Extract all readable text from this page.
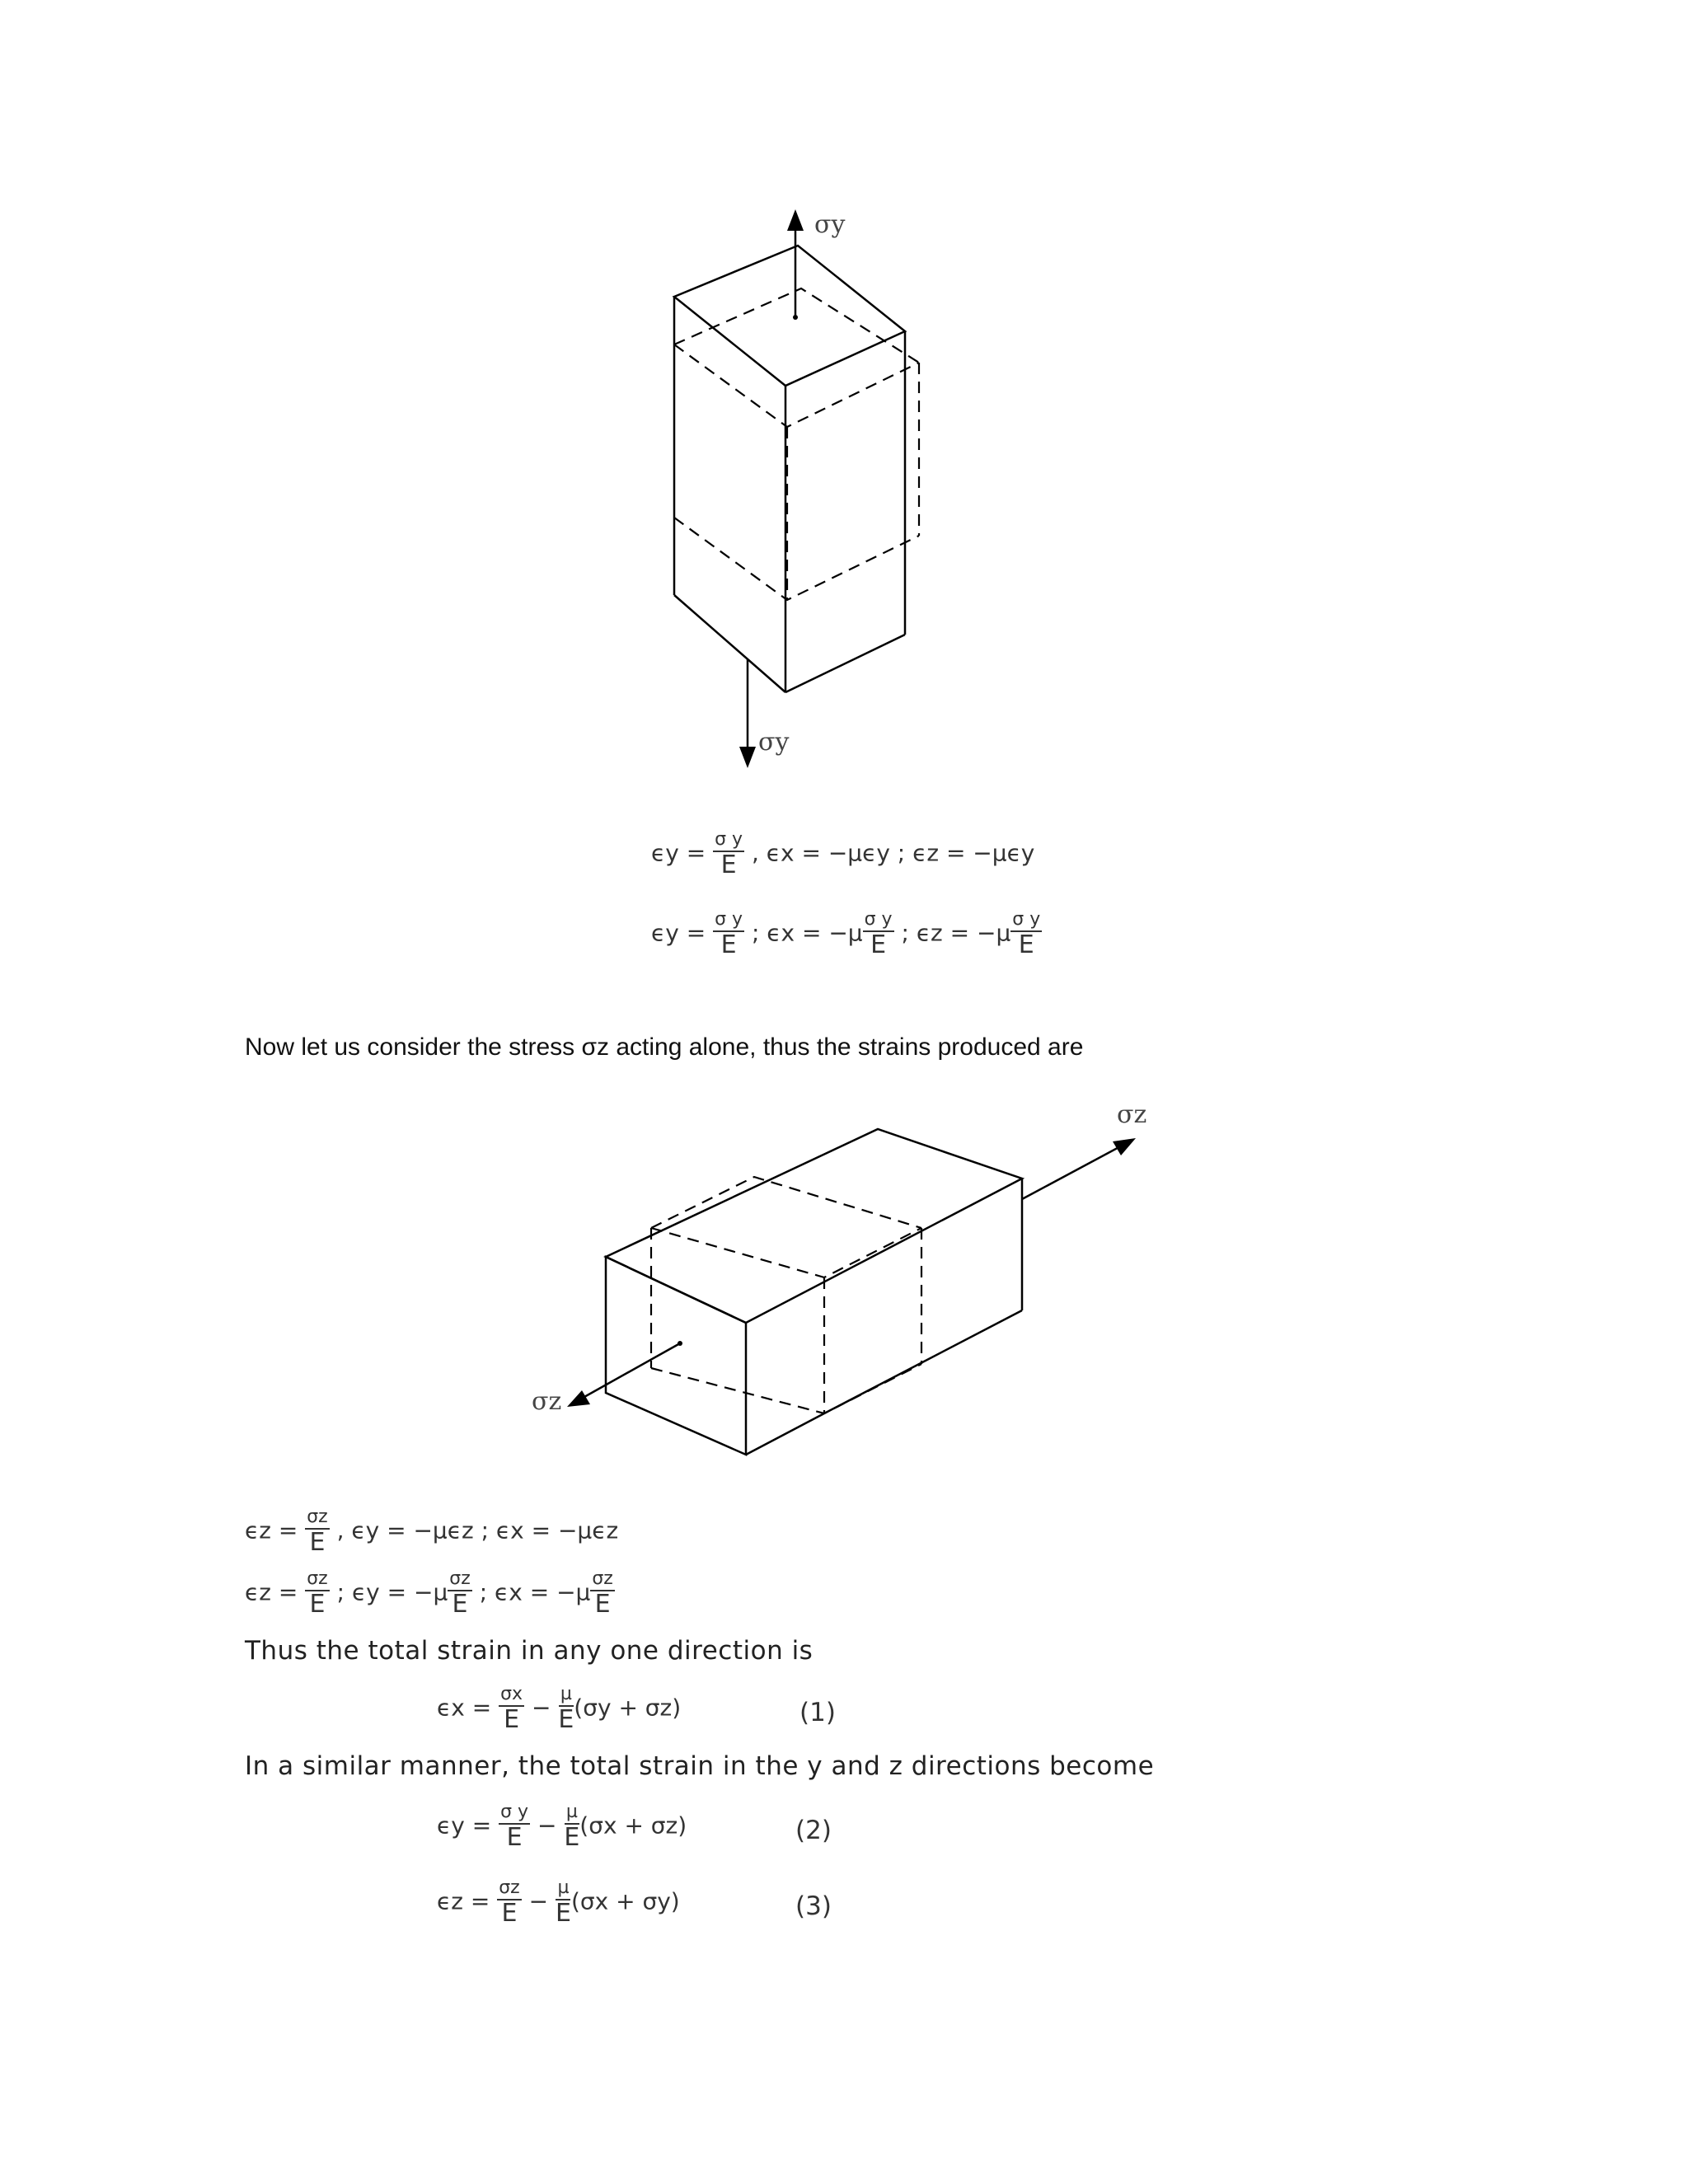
σy
σy
$\epsilon y = \frac{\text{σ y}}{E}$ , ϵx = −µϵy ; ϵz = −µϵy
$\epsilon y = \frac{\text{σ y}}{E}$ ; $\epsilon x = -\mu \frac{\text{σ y}}{E}$ ; $\epsilon z = -\mu \frac{\text{σ y}}{E}$
Now let us consider the stress σz acting alone, thus the strains produced are
σz
σz
$\epsilon z = \frac{\sigma z}{E}$ , ϵy = −µϵz ; ϵx = −µϵz
$\epsilon z = \frac{\sigma z}{E}$ ; $\epsilon y = -\mu \frac{\sigma z}{E}$ ; $\epsilon x = -\mu \frac{\sigma z}{E}$
Thus the total strain in any one direction is
$\epsilon x = \frac{\sigma x}{E} - \frac{\text{µ}}{E} (\sigma y + \sigma z)$	(1)
In a similar manner, the total strain in the y and z directions become
$\epsilon y = \frac{\text{σ y}}{E} - \frac{\text{µ}}{E} (\sigma x + \sigma z)$	(2)
$\epsilon z = \frac{\sigma z}{E} - \frac{\text{µ}}{E} (\sigma x + \sigma y)$	(3)
